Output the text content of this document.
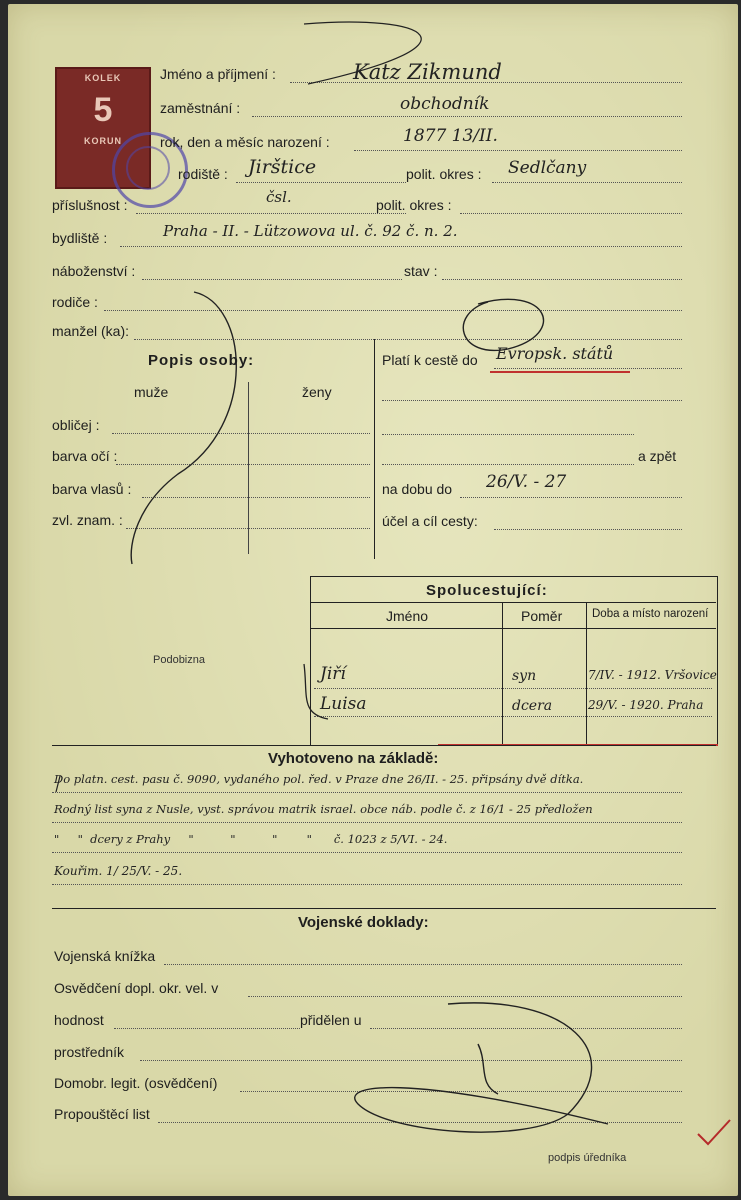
KOLEK
5
KORUN
Jméno a příjmení :	Katz Zikmund
zaměstnání :	obchodník
rok, den a měsíc narození :	1877 13/II.
rodiště : Jirštice	polit. okres : Sedlčany
příslušnost :	čsl.	polit. okres :
bydliště :	Praha - II. - Lützowova ul. č. 92 č. n. 2.
náboženství :	stav :
rodiče :
manžel (ka):
Popis osoby:
muže	ženy
obličej :
barva očí :
barva vlasů :
zvl. znam. :
Platí k cestě do Evropsk. států
a zpět
na dobu do 26/V. - 27
účel a cíl cesty:
Podobizna
Spolucestující:
Jméno	Poměr	Doba a místo narození
Jiří	syn	7/IV. - 1912. Vršovice
Luisa	dcera	29/V. - 1920. Praha
Vyhotoveno na základě:
Do platn. cest. pasu č. 9090, vydaného pol. řed. v Praze dne 26/II. - 25. připsány dvě dítka.
Rodný list syna z Nusle, vyst. správou matrik israel. obce náb. podle č. z 16/1 - 25 předložen
"     "  dcery z Prahy     "          "          "        "      č. 1023 z 5/VI. - 24.
Kouřim. 1/ 25/V. - 25.
Vojenské doklady:
Vojenská knížka
Osvědčení dopl. okr. vel. v
hodnost	přidělen u
prostředník
Domobr. legit. (osvědčení)
Propouštěcí list
podpis úředníka
